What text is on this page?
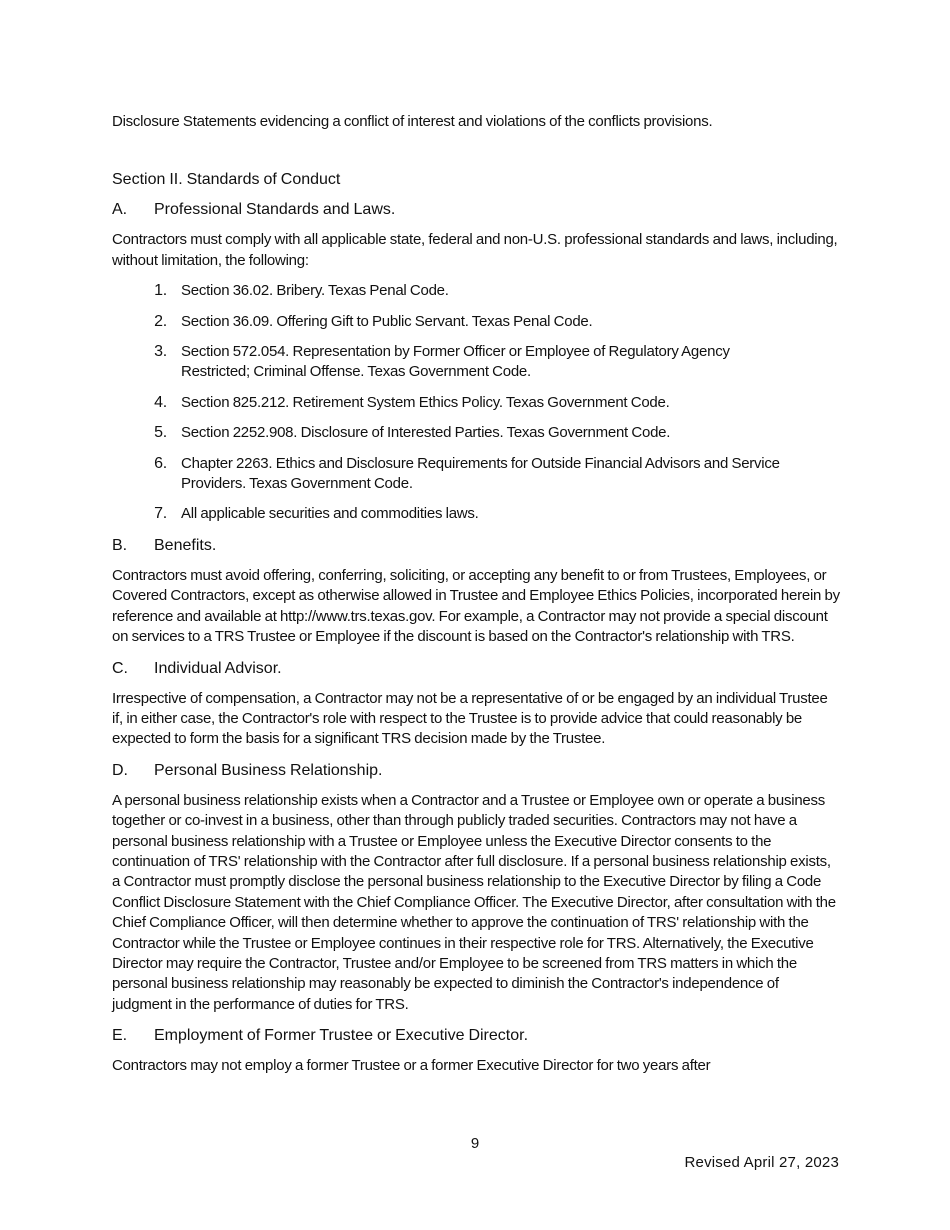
Disclosure Statements evidencing a conflict of interest and violations of the conflicts provisions.

Section II. Standards of Conduct
A.	Professional Standards and Laws.

Contractors must comply with all applicable state, federal and non-U.S. professional standards and laws, including, without limitation, the following:

1. Section 36.02. Bribery. Texas Penal Code.
2. Section 36.09. Offering Gift to Public Servant. Texas Penal Code.
3. Section 572.054. Representation by Former Officer or Employee of Regulatory Agency Restricted; Criminal Offense. Texas Government Code.
4. Section 825.212. Retirement System Ethics Policy. Texas Government Code.
5. Section 2252.908. Disclosure of Interested Parties. Texas Government Code.
6. Chapter 2263. Ethics and Disclosure Requirements for Outside Financial Advisors and Service Providers. Texas Government Code.
7. All applicable securities and commodities laws.
B.	Benefits.

Contractors must avoid offering, conferring, soliciting, or accepting any benefit to or from Trustees, Employees, or Covered Contractors, except as otherwise allowed in Trustee and Employee Ethics Policies, incorporated herein by reference and available at http://www.trs.texas.gov. For example, a Contractor may not provide a special discount on services to a TRS Trustee or Employee if the discount is based on the Contractor's relationship with TRS.

C.	Individual Advisor.

Irrespective of compensation, a Contractor may not be a representative of or be engaged by an individual Trustee if, in either case, the Contractor's role with respect to the Trustee is to provide advice that could reasonably be expected to form the basis for a significant TRS decision made by the Trustee.

D.	Personal Business Relationship.

A personal business relationship exists when a Contractor and a Trustee or Employee own or operate a business together or co-invest in a business, other than through publicly traded securities. Contractors may not have a personal business relationship with a Trustee or Employee unless the Executive Director consents to the continuation of TRS' relationship with the Contractor after full disclosure. If a personal business relationship exists, a Contractor must promptly disclose the personal business relationship to the Executive Director by filing a Code Conflict Disclosure Statement with the Chief Compliance Officer. The Executive Director, after consultation with the Chief Compliance Officer, will then determine whether to approve the continuation of TRS' relationship with the Contractor while the Trustee or Employee continues in their respective role for TRS. Alternatively, the Executive Director may require the Contractor, Trustee and/or Employee to be screened from TRS matters in which the personal business relationship may reasonably be expected to diminish the Contractor's independence of judgment in the performance of duties for TRS.

E.	Employment of Former Trustee or Executive Director.

Contractors may not employ a former Trustee or a former Executive Director for two years after

9
Revised April 27, 2023
